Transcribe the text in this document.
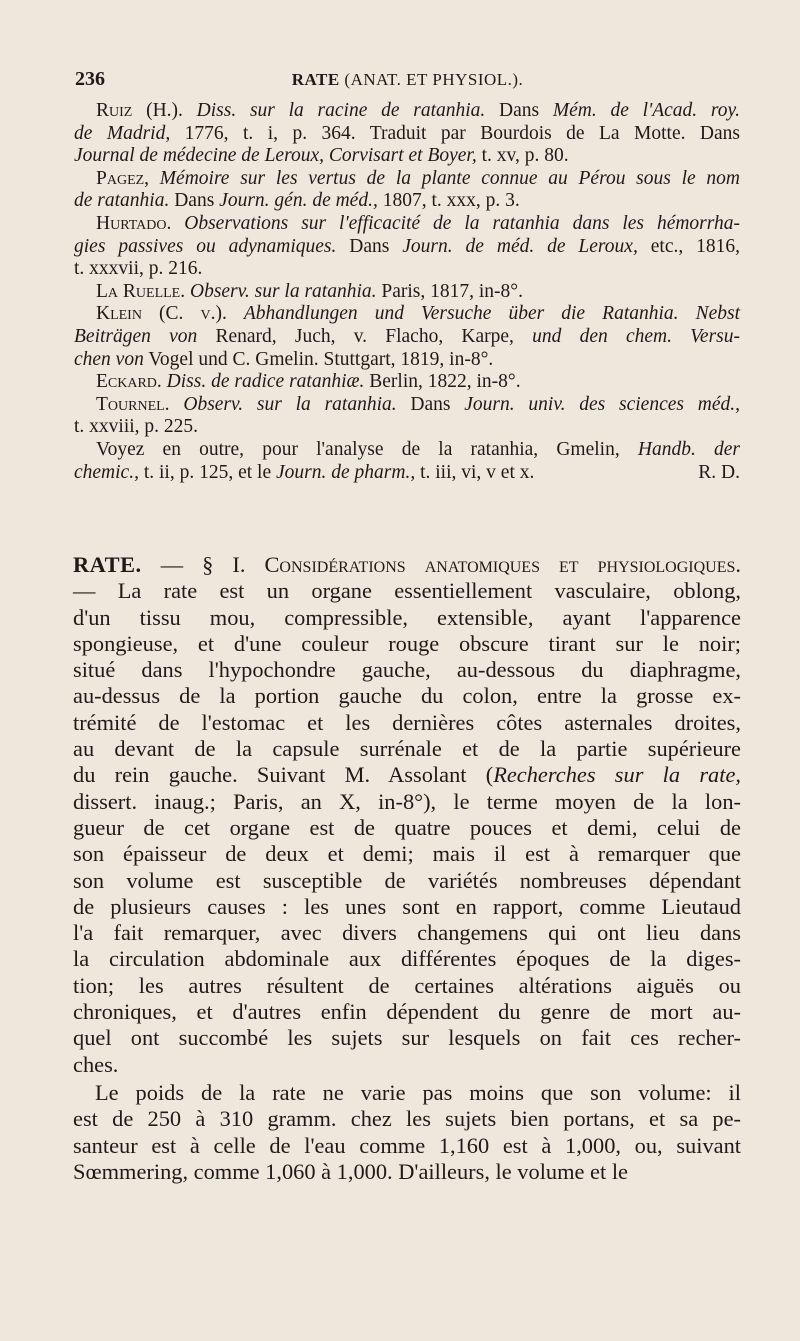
236	RATE (ANAT. ET PHYSIOL.).
Ruiz (H.). Diss. sur la racine de ratanhia. Dans Mém. de l'Acad. roy.
de Madrid, 1776, t. i, p. 364. Traduit par Bourdois de La Motte. Dans
Journal de médecine de Leroux, Corvisart et Boyer, t. xv, p. 80.
Pagez, Mémoire sur les vertus de la plante connue au Pérou sous le nom
de ratanhia. Dans Journ. gén. de méd., 1807, t. xxx, p. 3.
Hurtado. Observations sur l'efficacité de la ratanhia dans les hémorrha-
gies passives ou adynamiques. Dans Journ. de méd. de Leroux, etc., 1816,
t. xxxvii, p. 216.
La Ruelle. Observ. sur la ratanhia. Paris, 1817, in-8°.
Klein (C. v.). Abhandlungen und Versuche über die Ratanhia. Nebst
Beiträgen von Renard, Juch, v. Flacho, Karpe, und den chem. Versu-
chen von Vogel und C. Gmelin. Stuttgart, 1819, in-8°.
Eckard. Diss. de radice ratanhiæ. Berlin, 1822, in-8°.
Tournel. Observ. sur la ratanhia. Dans Journ. univ. des sciences méd.,
t. xxviii, p. 225.
Voyez en outre, pour l'analyse de la ratanhia, Gmelin, Handb. der
chemic., t. ii, p. 125, et le Journ. de pharm., t. iii, vi, v et x.	R. D.

RATE. — § I. Considérations anatomiques et physiologiques.

— La rate est un organe essentiellement vasculaire, oblong,
d'un tissu mou, compressible, extensible, ayant l'apparence
spongieuse, et d'une couleur rouge obscure tirant sur le noir;
situé dans l'hypochondre gauche, au-dessous du diaphragme,
au-dessus de la portion gauche du colon, entre la grosse ex-
trémité de l'estomac et les dernières côtes asternales droites,
au devant de la capsule surrénale et de la partie supérieure
du rein gauche. Suivant M. Assolant (Recherches sur la rate,
dissert. inaug.; Paris, an X, in-8°), le terme moyen de la lon-
gueur de cet organe est de quatre pouces et demi, celui de
son épaisseur de deux et demi; mais il est à remarquer que
son volume est susceptible de variétés nombreuses dépendant
de plusieurs causes : les unes sont en rapport, comme Lieutaud
l'a fait remarquer, avec divers changemens qui ont lieu dans
la circulation abdominale aux différentes époques de la diges-
tion; les autres résultent de certaines altérations aiguës ou
chroniques, et d'autres enfin dépendent du genre de mort au-
quel ont succombé les sujets sur lesquels on fait ces recher-
ches.
Le poids de la rate ne varie pas moins que son volume: il
est de 250 à 310 gramm. chez les sujets bien portans, et sa pe-
santeur est à celle de l'eau comme 1,160 est à 1,000, ou, suivant
Sœmmering, comme 1,060 à 1,000. D'ailleurs, le volume et le
